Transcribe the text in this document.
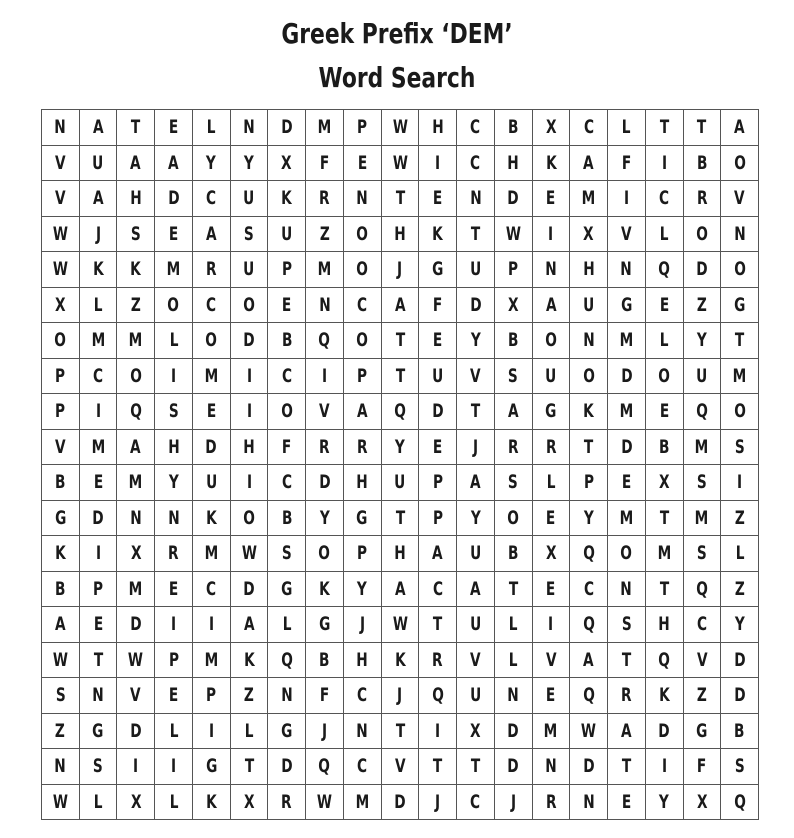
Greek Prefix ‘DEM’
Word Search
N A T E L N D M P W H C B X C L T T A
V U A A Y Y X F E W I C H K A F I B O
V A H D C U K R N T E N D E M I C R V
W J S E A S U Z O H K T W I X V L O N
W K K M R U P M O J G U P N H N Q D O
X L Z O C O E N C A F D X A U G E Z G
O M M L O D B Q O T E Y B O N M L Y T
P C O I M I C I P T U V S U O D O U M
P I Q S E I O V A Q D T A G K M E Q O
V M A H D H F R R Y E J R R T D B M S
B E M Y U I C D H U P A S L P E X S I
G D N N K O B Y G T P Y O E Y M T M Z
K I X R M W S O P H A U B X Q O M S L
B P M E C D G K Y A C A T E C N T Q Z
A E D I I A L G J W T U L I Q S H C Y
W T W P M K Q B H K R V L V A T Q V D
S N V E P Z N F C J Q U N E Q R K Z D
Z G D L I L G J N T I X D M W A D G B
N S I I G T D Q C V T T D N D T I F S
W L X L K X R W M D J C J R N E Y X Q
